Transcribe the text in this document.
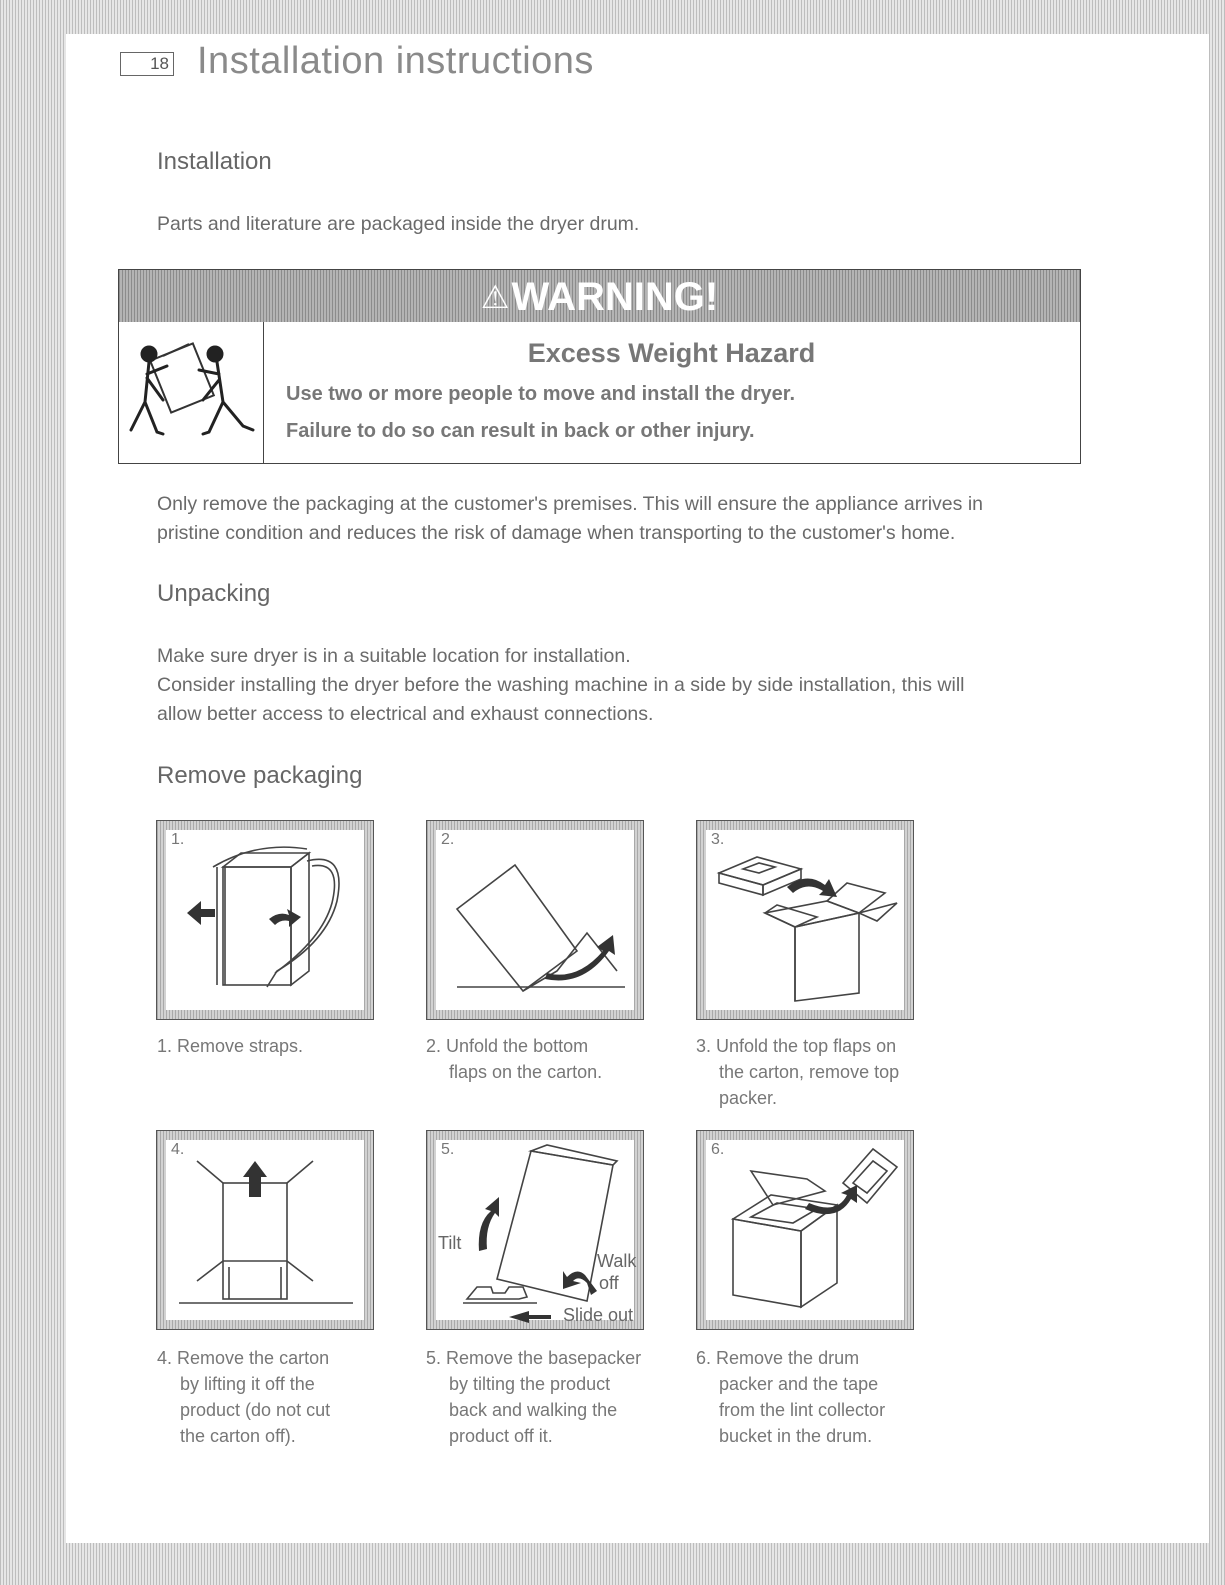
18 Installation instructions
Installation
Parts and literature are packaged inside the dryer drum.
⚠WARNING!
Excess Weight Hazard
Use two or more people to move and install the dryer.
Failure to do so can result in back or other injury.
Only remove the packaging at the customer's premises. This will ensure the appliance arrives in
pristine condition and reduces the risk of damage when transporting to the customer's home.
Unpacking
Make sure dryer is in a suitable location for installation.
Consider installing the dryer before the washing machine in a side by side installation, this will
allow better access to electrical and exhaust connections.
Remove packaging
1.
1. Remove straps.
2.
2. Unfold the bottom
flaps on the carton.
3.
3. Unfold the top flaps on
the carton, remove top
packer.
4.
4. Remove the carton
by lifting it off the
product (do not cut
the carton off).
5.
Tilt
Walk
off
Slide out
5. Remove the basepacker
by tilting the product
back and walking the
product off it.
6.
6. Remove the drum
packer and the tape
from the lint collector
bucket in the drum.
